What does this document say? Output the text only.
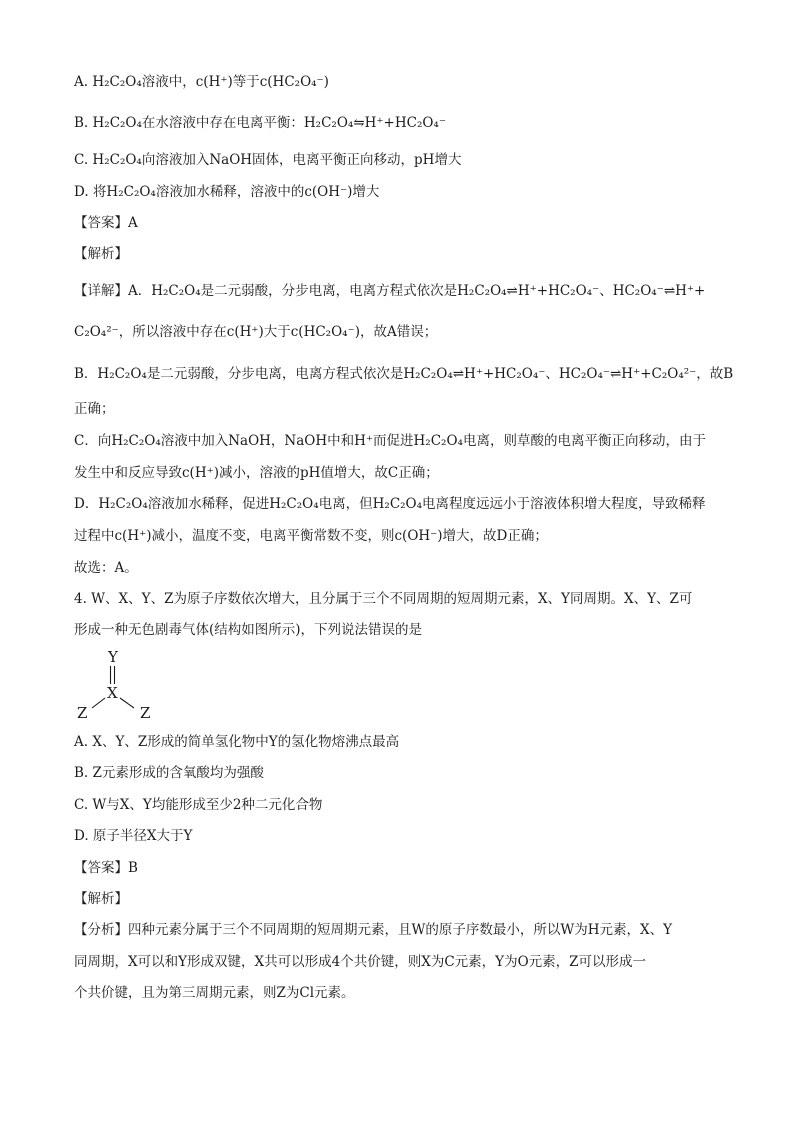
A. H₂C₂O₄溶液中，c(H⁺)等于c(HC₂O₄⁻)
B. H₂C₂O₄在水溶液中存在电离平衡：H₂C₂O₄⇋H⁺+HC₂O₄⁻
C. H₂C₂O₄向溶液加入NaOH固体，电离平衡正向移动，pH增大
D. 将H₂C₂O₄溶液加水稀释，溶液中的c(OH⁻)增大
【答案】A
【解析】
【详解】A．H₂C₂O₄是二元弱酸，分步电离，电离方程式依次是H₂C₂O₄⇌H⁺+HC₂O₄⁻、HC₂O₄⁻⇌H⁺+
C₂O₄²⁻，所以溶液中存在c(H⁺)大于c(HC₂O₄⁻)，故A错误；
B．H₂C₂O₄是二元弱酸，分步电离，电离方程式依次是H₂C₂O₄⇌H⁺+HC₂O₄⁻、HC₂O₄⁻⇌H⁺+C₂O₄²⁻，故B
正确；
C．向H₂C₂O₄溶液中加入NaOH，NaOH中和H⁺而促进H₂C₂O₄电离，则草酸的电离平衡正向移动，由于
发生中和反应导致c(H⁺)减小，溶液的pH值增大，故C正确；
D．H₂C₂O₄溶液加水稀释，促进H₂C₂O₄电离，但H₂C₂O₄电离程度远远小于溶液体积增大程度，导致稀释
过程中c(H⁺)减小，温度不变，电离平衡常数不变，则c(OH⁻)增大，故D正确；
故选：A。
4. W、X、Y、Z为原子序数依次增大，且分属于三个不同周期的短周期元素，X、Y同周期。X、Y、Z可
形成一种无色剧毒气体(结构如图所示)，下列说法错误的是
Y
X
Z	Z
A. X、Y、Z形成的简单氢化物中Y的氢化物熔沸点最高
B. Z元素形成的含氧酸均为强酸
C. W与X、Y均能形成至少2种二元化合物
D. 原子半径X大于Y
【答案】B
【解析】
【分析】四种元素分属于三个不同周期的短周期元素，且W的原子序数最小，所以W为H元素，X、Y
同周期，X可以和Y形成双键，X共可以形成4个共价键，则X为C元素，Y为O元素，Z可以形成一
个共价键，且为第三周期元素，则Z为Cl元素。
